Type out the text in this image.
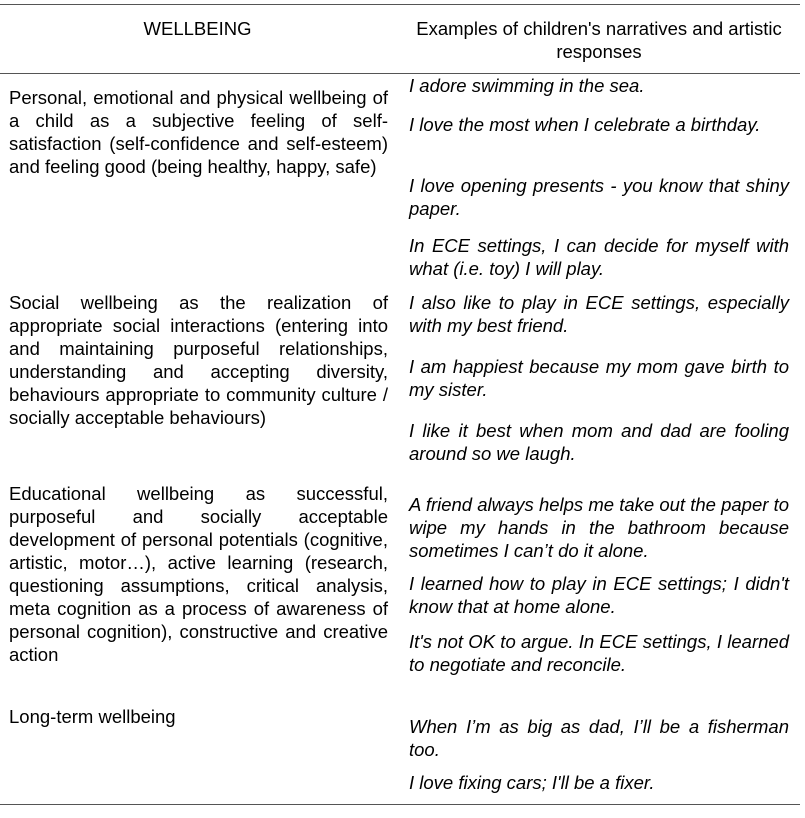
WELLBEING	Examples of children's narratives and artistic responses
Personal, emotional and physical wellbeing of a child as a subjective feeling of self-satisfaction (self-confidence and self-esteem) and feeling good (being healthy, happy, safe)
I adore swimming in the sea.
I love the most when I celebrate a birthday.
I love opening presents - you know that shiny paper.
In ECE settings, I can decide for myself with what (i.e. toy) I will play.
Social wellbeing as the realization of appropriate social interactions (entering into and maintaining purposeful relationships, understanding and accepting diversity, behaviours appropriate to community culture / socially acceptable behaviours)
I also like to play in ECE settings, especially with my best friend.
I am happiest because my mom gave birth to my sister.
I like it best when mom and dad are fooling around so we laugh.
Educational wellbeing as successful, purposeful and socially acceptable development of personal potentials (cognitive, artistic, motor…), active learning (research, questioning assumptions, critical analysis, meta cognition as a process of awareness of personal cognition), constructive and creative action
A friend always helps me take out the paper to wipe my hands in the bathroom because sometimes I can’t do it alone.
I learned how to play in ECE settings; I didn't know that at home alone.
It's not OK to argue. In ECE settings, I learned to negotiate and reconcile.
Long-term wellbeing	When I’m as big as dad, I’ll be a fisherman too.
I love fixing cars; I'll be a fixer.
